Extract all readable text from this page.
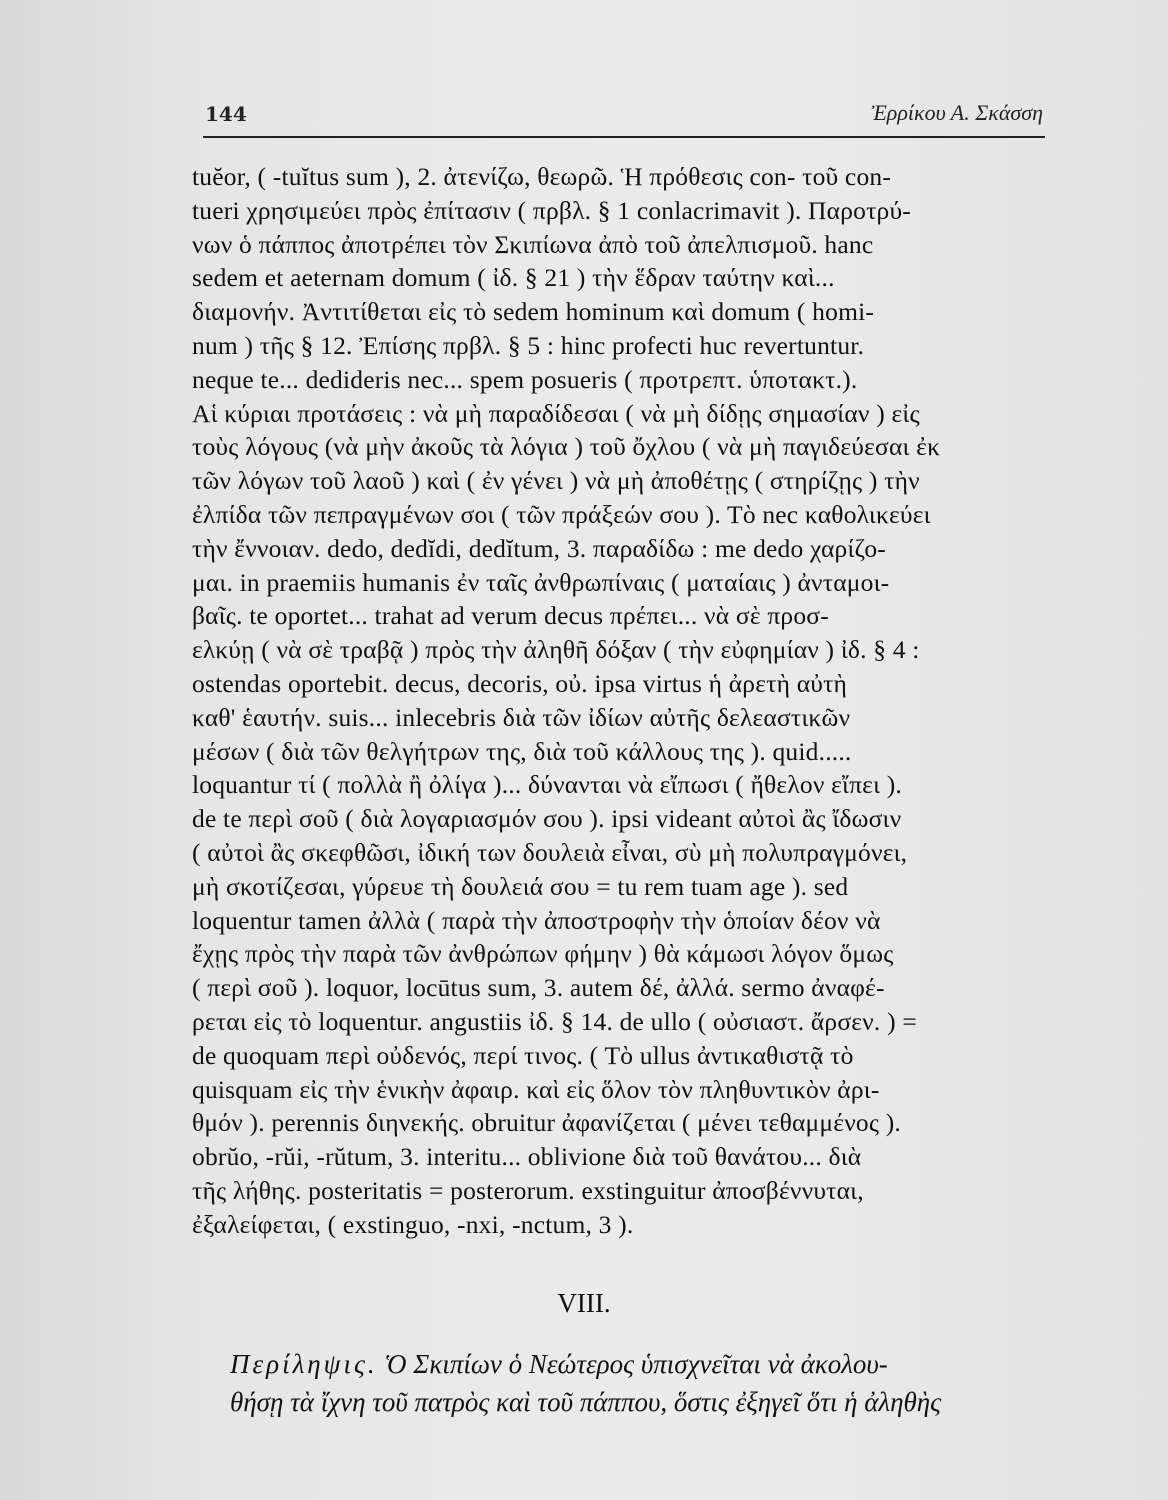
144	Ἐρρίκου Α. Σκάσση
tuĕor, ( -tuĭtus sum ), 2. ἀτενίζω, θεωρῶ. Ἡ πρόθεσις con- τοῦ con-
tueri χρησιμεύει πρὸς ἐπίτασιν ( πρβλ. § 1 conlacrimavit ). Παροτρύ-
νων ὁ πάππος ἀποτρέπει τὸν Σκιπίωνα ἀπὸ τοῦ ἀπελπισμοῦ. hanc
sedem et aeternam domum ( ἰδ. § 21 ) τὴν ἕδραν ταύτην καὶ...
διαμονήν. Ἀντιτίθεται εἰς τὸ sedem hominum καὶ domum ( homi-
num ) τῆς § 12. Ἐπίσης πρβλ. § 5 : hinc profecti huc revertuntur.
neque te... dedideris nec... spem posueris ( προτρεπτ. ὑποτακτ.).
Αἱ κύριαι προτάσεις : νὰ μὴ παραδίδεσαι ( νὰ μὴ δίδῃς σημασίαν ) εἰς
τοὺς λόγους (νὰ μὴν ἀκοῦς τὰ λόγια ) τοῦ ὄχλου ( νὰ μὴ παγιδεύεσαι ἐκ
τῶν λόγων τοῦ λαοῦ ) καὶ ( ἐν γένει ) νὰ μὴ ἀποθέτῃς ( στηρίζῃς ) τὴν
ἐλπίδα τῶν πεπραγμένων σοι ( τῶν πράξεών σου ). Τὸ nec καθολικεύει
τὴν ἔννοιαν. dedo, dedĭdi, dedĭtum, 3. παραδίδω : me dedo χαρίζο-
μαι. in praemiis humanis ἐν ταῖς ἀνθρωπίναις ( ματαίαις ) ἀνταμοι-
βαῖς. te oportet... trahat ad verum decus πρέπει... νὰ σὲ προσ-
ελκύῃ ( νὰ σὲ τραβᾷ ) πρὸς τὴν ἀληθῆ δόξαν ( τὴν εὐφημίαν ) ἰδ. § 4 :
ostendas oportebit. decus, decoris, οὐ. ipsa virtus ἡ ἀρετὴ αὐτὴ
καθ' ἑαυτήν. suis... inlecebris διὰ τῶν ἰδίων αὐτῆς δελεαστικῶν
μέσων ( διὰ τῶν θελγήτρων της, διὰ τοῦ κάλλους της ). quid.....
loquantur τί ( πολλὰ ἢ ὀλίγα )... δύνανται νὰ εἴπωσι ( ἤθελον εἴπει ).
de te περὶ σοῦ ( διὰ λογαριασμόν σου ). ipsi videant αὐτοὶ ἂς ἴδωσιν
( αὐτοὶ ἂς σκεφθῶσι, ἰδική των δουλειὰ εἶναι, σὺ μὴ πολυπραγμόνει,
μὴ σκοτίζεσαι, γύρευε τὴ δουλειά σου = tu rem tuam age ). sed
loquentur tamen ἀλλὰ ( παρὰ τὴν ἀποστροφὴν τὴν ὁποίαν δέον νὰ
ἔχῃς πρὸς τὴν παρὰ τῶν ἀνθρώπων φήμην ) θὰ κάμωσι λόγον ὅμως
( περὶ σοῦ ). loquor, locūtus sum, 3. autem δέ, ἀλλά. sermo ἀναφέ-
ρεται εἰς τὸ loquentur. angustiis ἰδ. § 14. de ullo ( οὐσιαστ. ἄρσεν. ) =
de quoquam περὶ οὐδενός, περί τινος. ( Τὸ ullus ἀντικαθιστᾷ τὸ
quisquam εἰς τὴν ἑνικὴν ἀφαιρ. καὶ εἰς ὅλον τὸν πληθυντικὸν ἀρι-
θμόν ). perennis διηνεκής. obruitur ἀφανίζεται ( μένει τεθαμμένος ).
obrŭo, -rŭi, -rŭtum, 3. interitu... oblivione διὰ τοῦ θανάτου... διὰ
τῆς λήθης. posteritatis = posterorum. exstinguitur ἀποσβέννυται,
ἐξαλείφεται, ( exstinguo, -nxi, -nctum, 3 ).
VIII.
Περίληψις. Ὁ Σκιπίων ὁ Νεώτερος ὑπισχνεῖται νὰ ἀκολου-
θήσῃ τὰ ἴχνη τοῦ πατρὸς καὶ τοῦ πάππου, ὅστις ἐξηγεῖ ὅτι ἡ ἀληθὴς
